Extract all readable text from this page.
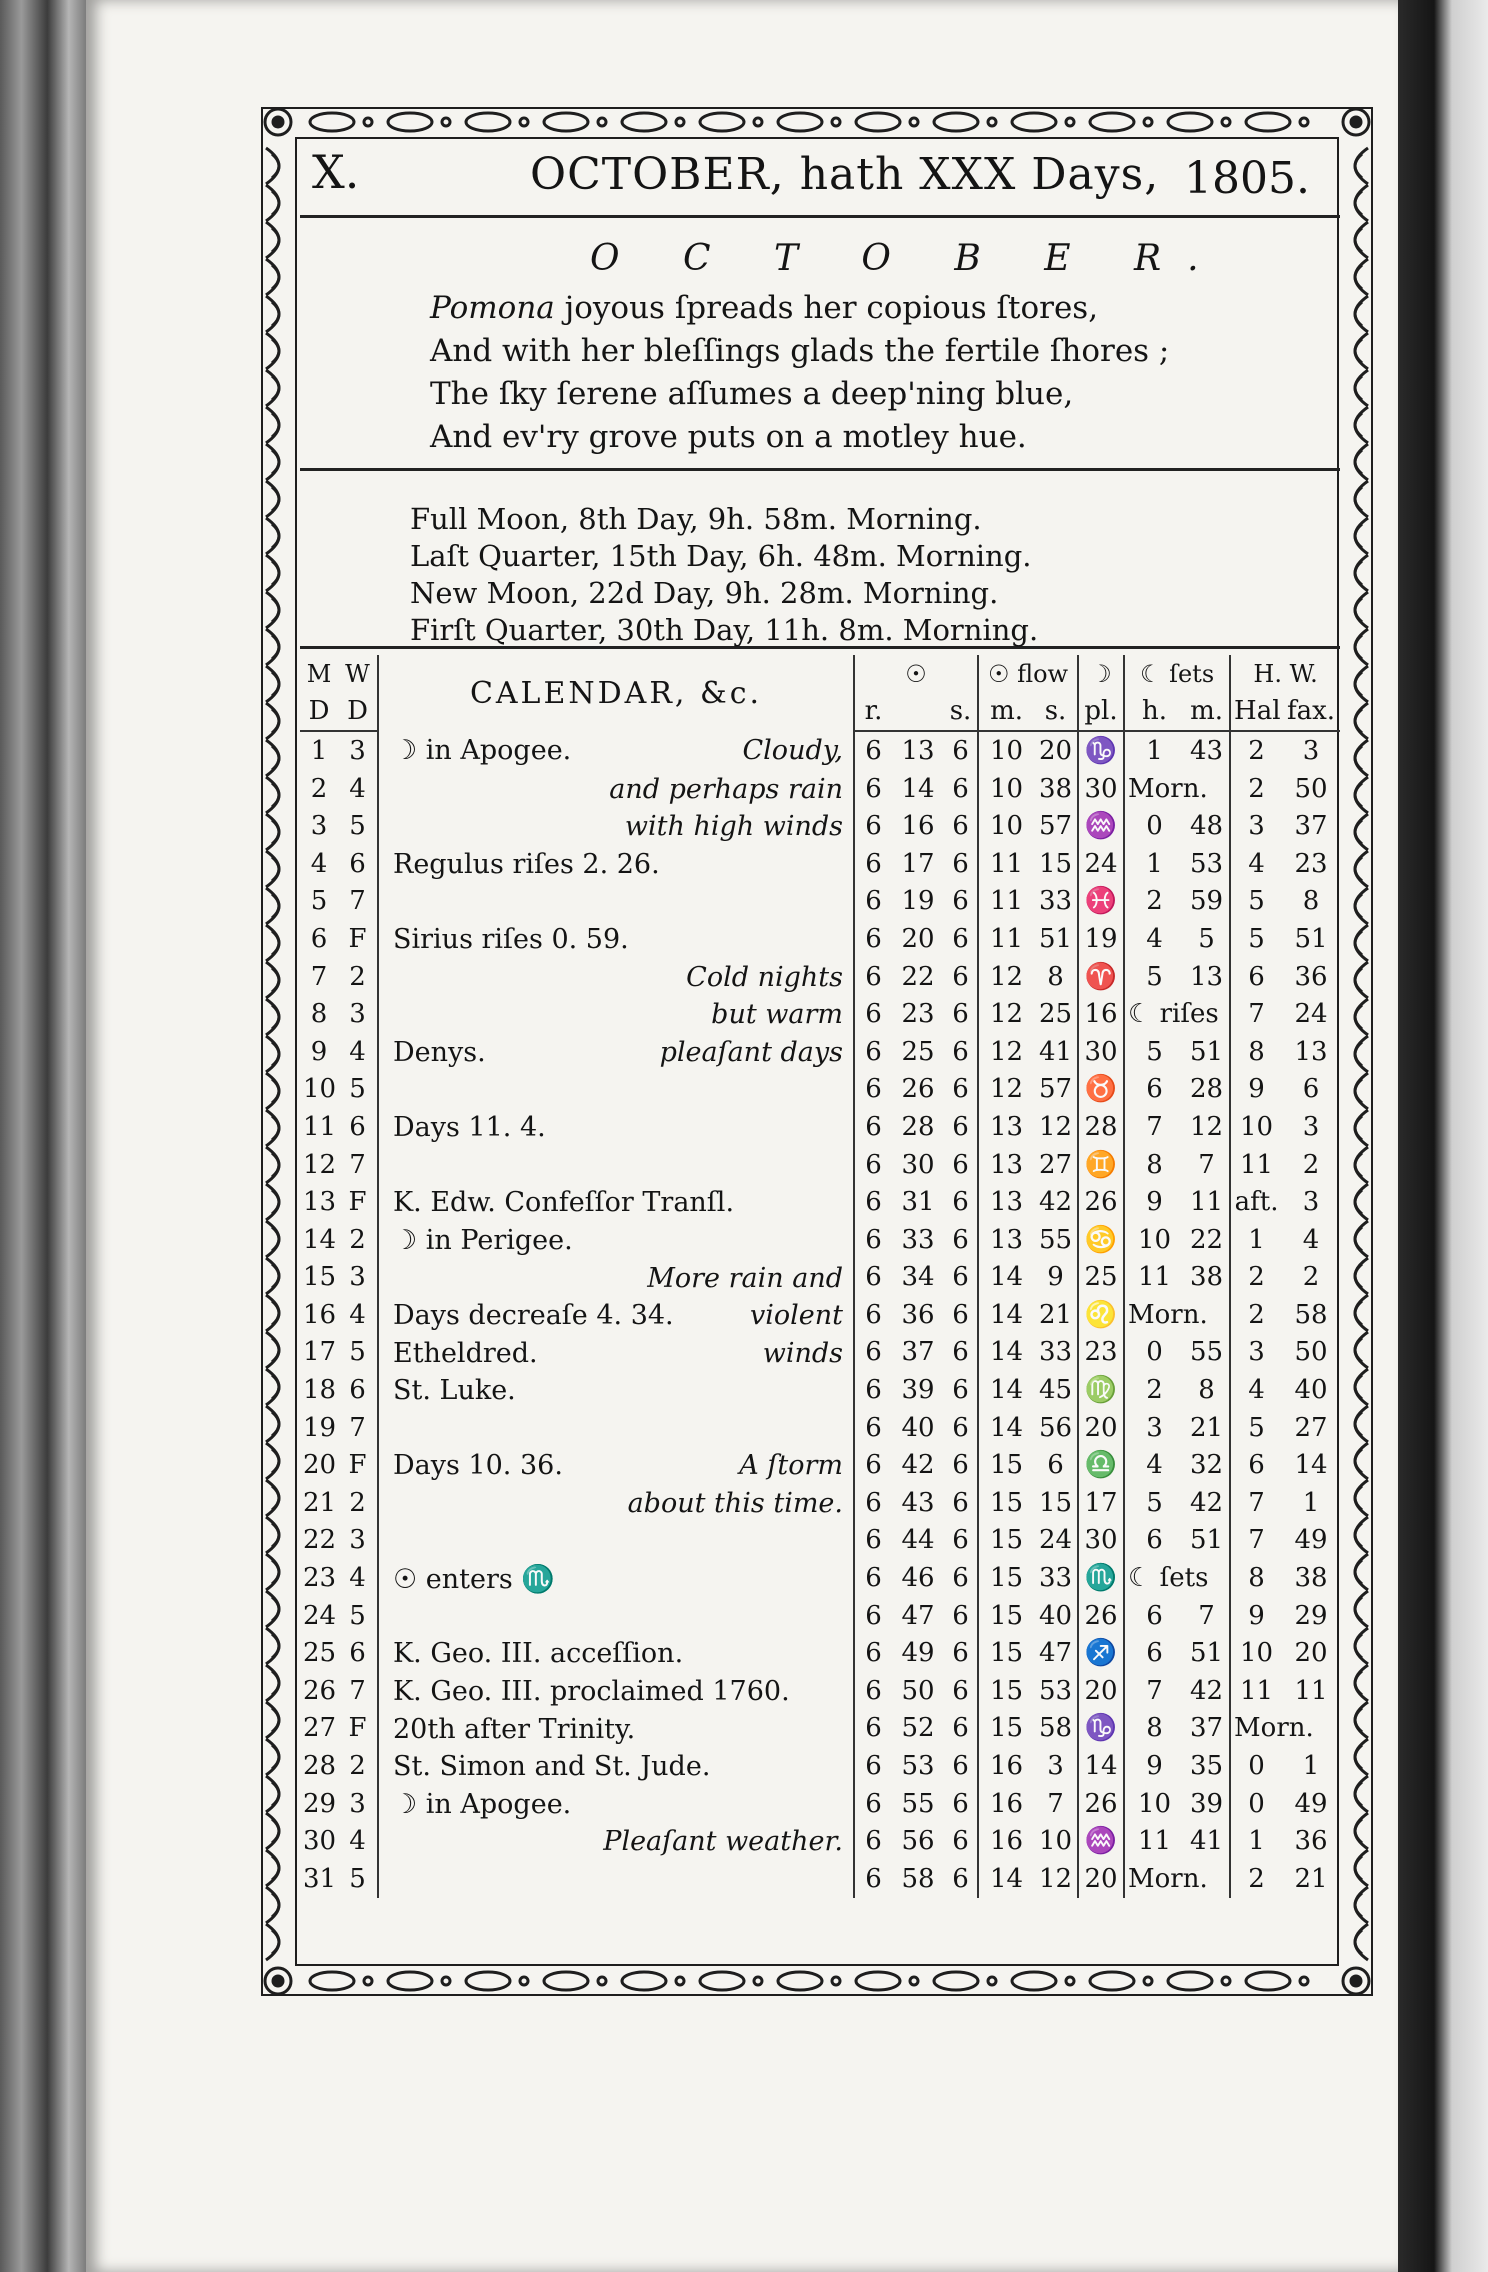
X.	OCTOBER, hath XXX Days, 1805.
O C T O B E R.
Pomona joyous ſpreads her copious ſtores,
And with her bleſſings glads the fertile ſhores ;
The ſky ſerene aſſumes a deep'ning blue,
And ev'ry grove puts on a motley hue.
Full Moon, 8th Day, 9h. 58m. Morning.
Laſt Quarter, 15th Day, 6h. 48m. Morning.
New Moon, 22d Day, 9h. 28m. Morning.
Firſt Quarter, 30th Day, 11h. 8m. Morning.
M	W	CALENDAR, &c.	☉			☉ flow		☽	☾ ſets		H. W.	
D	D		r.		s.	m.	s.	pl.	h.	m.	Hal	fax.
1	3	☽ in Apogee. Cloudy,	6	13	6	10	20	♑	1	43	2	3
2	4	and perhaps rain	6	14	6	10	38	30	Morn.		2	50
3	5	with high winds	6	16	6	10	57	♒	0	48	3	37
4	6	Regulus riſes 2. 26.	6	17	6	11	15	24	1	53	4	23
5	7		6	19	6	11	33	♓	2	59	5	8
6	F	Sirius riſes 0. 59.	6	20	6	11	51	19	4	5	5	51
7	2	Cold nights	6	22	6	12	8	♈	5	13	6	36
8	3	but warm	6	23	6	12	25	16	☾ riſes		7	24
9	4	Denys. pleaſant days	6	25	6	12	41	30	5	51	8	13
10	5		6	26	6	12	57	♉	6	28	9	6
11	6	Days 11. 4.	6	28	6	13	12	28	7	12	10	3
12	7		6	30	6	13	27	♊	8	7	11	2
13	F	K. Edw. Confeſſor Tranſl.	6	31	6	13	42	26	9	11	aft.	3
14	2	☽ in Perigee.	6	33	6	13	55	♋	10	22	1	4
15	3	More rain and	6	34	6	14	9	25	11	38	2	2
16	4	Days decreaſe 4. 34. violent	6	36	6	14	21	♌	Morn.		2	58
17	5	Etheldred. winds	6	37	6	14	33	23	0	55	3	50
18	6	St. Luke.	6	39	6	14	45	♍	2	8	4	40
19	7		6	40	6	14	56	20	3	21	5	27
20	F	Days 10. 36. A ſtorm	6	42	6	15	6	♎	4	32	6	14
21	2	about this time.	6	43	6	15	15	17	5	42	7	1
22	3		6	44	6	15	24	30	6	51	7	49
23	4	☉ enters ♏	6	46	6	15	33	♏	☾ ſets		8	38
24	5		6	47	6	15	40	26	6	7	9	29
25	6	K. Geo. III. acceſſion.	6	49	6	15	47	♐	6	51	10	20
26	7	K. Geo. III. proclaimed 1760.	6	50	6	15	53	20	7	42	11	11
27	F	20th after Trinity.	6	52	6	15	58	♑	8	37	Morn.	
28	2	St. Simon and St. Jude.	6	53	6	16	3	14	9	35	0	1
29	3	☽ in Apogee.	6	55	6	16	7	26	10	39	0	49
30	4	Pleaſant weather.	6	56	6	16	10	♒	11	41	1	36
31	5		6	58	6	14	12	20	Morn.		2	21
